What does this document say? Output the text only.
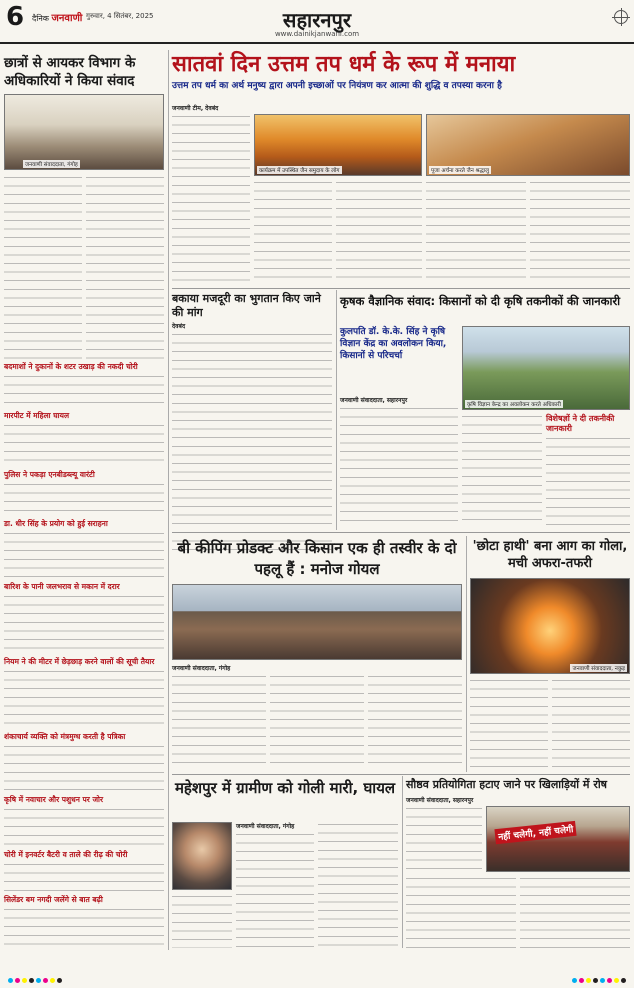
6 दैनिक जनवाणी गुरुवार, 4 सितंबर, 2025	सहारनपुर
www.dainikjanwani.com
छात्रों से आयकर विभाग के अधिकारियों ने किया संवाद
जनवाणी संवाददाता, गंगोह
बदमाशों ने दुकानों के शटर उखाड़ की नकदी चोरी
मारपीट में महिला घायल
पुलिस ने पकड़ा एनबीडब्ल्यू वारंटी
डा. धीर सिंह के प्रयोग को हुई सराहना
बारिश के पानी जलभराव से मकान में दरार
नियम ने की मीटर में छेड़छाड़ करने वालों की सूची तैयार
शंकाचार्य व्यक्ति को मंत्रमुग्ध करती है पत्रिका
कृषि में नवाचार और पशुधन पर जोर
चोरी में इनवर्टर बैटरी व ताले की रीढ़ की चोरी
सिलेंडर बम नगदी जलेंगे से बात बढ़ी
सातवां दिन उत्तम तप धर्म के रूप में मनाया
उत्तम तप धर्म का अर्थ मनुष्य द्वारा अपनी इच्छाओं पर नियंत्रण कर आत्मा की शुद्धि व तपस्या करना है
जनवाणी टीम, देवबंद
कार्यक्रम में उपस्थित जैन समुदाय के लोग	पूजा अर्चना करते जैन श्रद्धालु
बकाया मजदूरी का भुगतान किए जाने की मांग
देवबंद
कृषक वैज्ञानिक संवाद: किसानों को दी कृषि तकनीकों की जानकारी
कुलपति डॉ. के.के. सिंह ने कृषि विज्ञान केंद्र का अवलोकन किया, किसानों से परिचर्चा
कृषि विज्ञान केन्द्र का अवलोकन करते अधिकारी
जनवाणी संवाददाता, सहारनपुर
विशेषज्ञों ने दी तकनीकी जानकारी
बी कीपिंग प्रोडक्ट और किसान एक ही तस्वीर के दो पहलू हैं : मनोज गोयल
जनवाणी संवाददाता, गंगोह
'छोटा हाथी' बना आग का गोला, मची अफरा-तफरी
जनवाणी संवाददाता, नकुड़
महेशपुर में ग्रामीण को गोली मारी, घायल
जनवाणी संवाददाता, गंगोह
सौष्ठव प्रतियोगिता हटाए जाने पर खिलाड़ियों में रोष
जनवाणी संवाददाता, सहारनपुर
नहीं चलेगी, नहीं चलेगी
